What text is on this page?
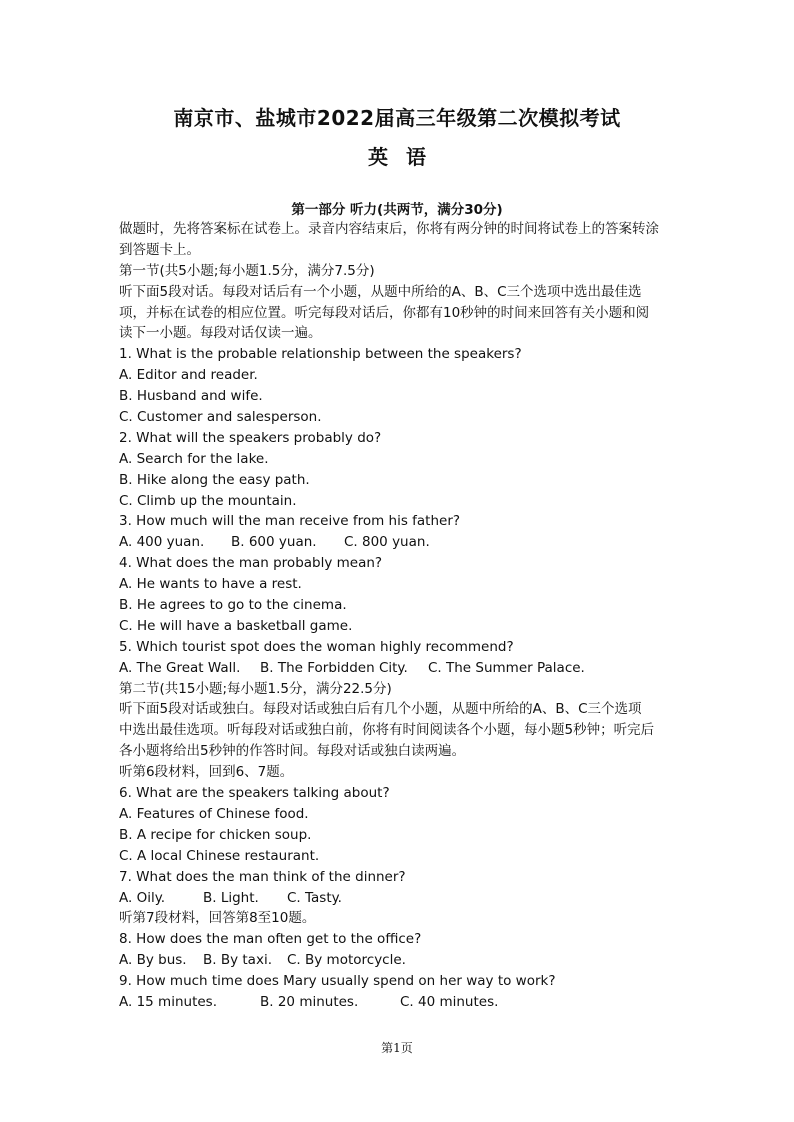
南京市、盐城市2022届高三年级第二次模拟考试
英语
第一部分 听力(共两节，满分30分)
做题时，先将答案标在试卷上。录音内容结束后，你将有两分钟的时间将试卷上的答案转涂
到答题卡上。
第一节(共5小题;每小题1.5分，满分7.5分)
听下面5段对话。每段对话后有一个小题，从题中所给的A、B、C三个选项中选出最佳选
项，并标在试卷的相应位置。听完每段对话后，你都有10秒钟的时间来回答有关小题和阅
读下一小题。每段对话仅读一遍。
1. What is the probable relationship between the speakers?
A. Editor and reader.
B. Husband and wife.
C. Customer and salesperson.
2. What will the speakers probably do?
A. Search for the lake.
B. Hike along the easy path.
C. Climb up the mountain.
3. How much will the man receive from his father?
A. 400 yuan. B. 600 yuan. C. 800 yuan.
4. What does the man probably mean?
A. He wants to have a rest.
B. He agrees to go to the cinema.
C. He will have a basketball game.
5. Which tourist spot does the woman highly recommend?
A. The Great Wall. B. The Forbidden City. C. The Summer Palace.
第二节(共15小题;每小题1.5分，满分22.5分)
听下面5段对话或独白。每段对话或独白后有几个小题，从题中所给的A、B、C三个选项
中选出最佳选项。听每段对话或独白前，你将有时间阅读各个小题，每小题5秒钟；听完后
各小题将给出5秒钟的作答时间。每段对话或独白读两遍。
听第6段材料，回到6、7题。
6. What are the speakers talking about?
A. Features of Chinese food.
B. A recipe for chicken soup.
C. A local Chinese restaurant.
7. What does the man think of the dinner?
A. Oily.	B. Light. C. Tasty.
听第7段材料，回答第8至10题。
8. How does the man often get to the office?
A. By bus. B. By taxi. C. By motorcycle.
9. How much time does Mary usually spend on her way to work?
A. 15 minutes.	B. 20 minutes.	C. 40 minutes.
第1页
